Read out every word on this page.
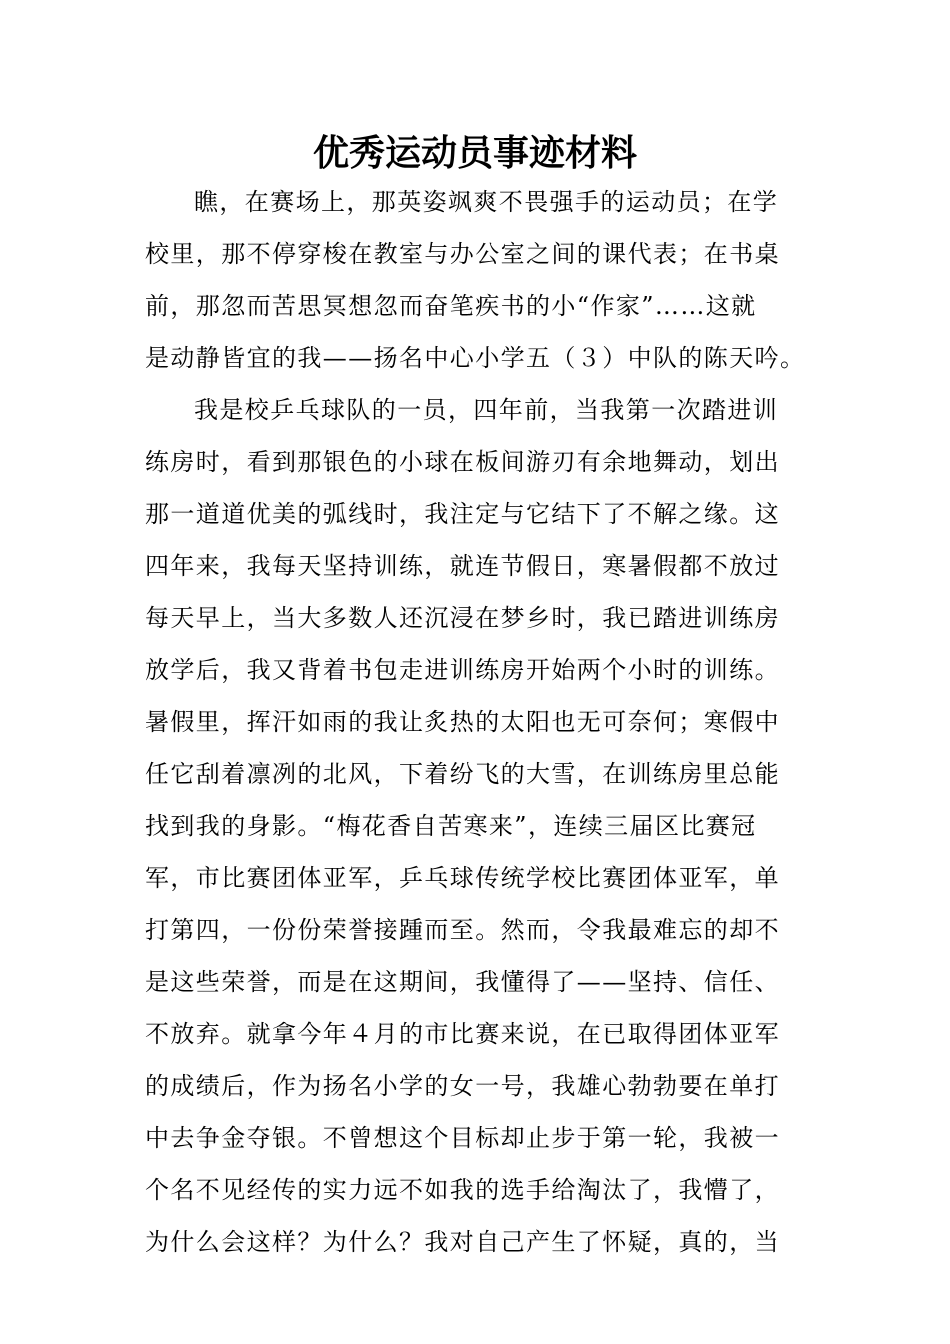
优秀运动员事迹材料
瞧，在赛场上，那英姿飒爽不畏强手的运动员；在学
校里，那不停穿梭在教室与办公室之间的课代表；在书桌
前，那忽而苦思冥想忽而奋笔疾书的小“作家”……这就
是动静皆宜的我——扬名中心小学五（３）中队的陈天吟。
我是校乒乓球队的一员，四年前，当我第一次踏进训
练房时，看到那银色的小球在板间游刃有余地舞动，划出
那一道道优美的弧线时，我注定与它结下了不解之缘。这
四年来，我每天坚持训练，就连节假日，寒暑假都不放过
每天早上，当大多数人还沉浸在梦乡时，我已踏进训练房
放学后，我又背着书包走进训练房开始两个小时的训练。
暑假里，挥汗如雨的我让炙热的太阳也无可奈何；寒假中
任它刮着凛冽的北风，下着纷飞的大雪，在训练房里总能
找到我的身影。“梅花香自苦寒来”，连续三届区比赛冠
军，市比赛团体亚军，乒乓球传统学校比赛团体亚军，单
打第四，一份份荣誉接踵而至。然而，令我最难忘的却不
是这些荣誉，而是在这期间，我懂得了——坚持、信任、
不放弃。就拿今年４月的市比赛来说，在已取得团体亚军
的成绩后，作为扬名小学的女一号，我雄心勃勃要在单打
中去争金夺银。不曾想这个目标却止步于第一轮，我被一
个名不见经传的实力远不如我的选手给淘汰了，我懵了，
为什么会这样？为什么？我对自己产生了怀疑，真的，当
